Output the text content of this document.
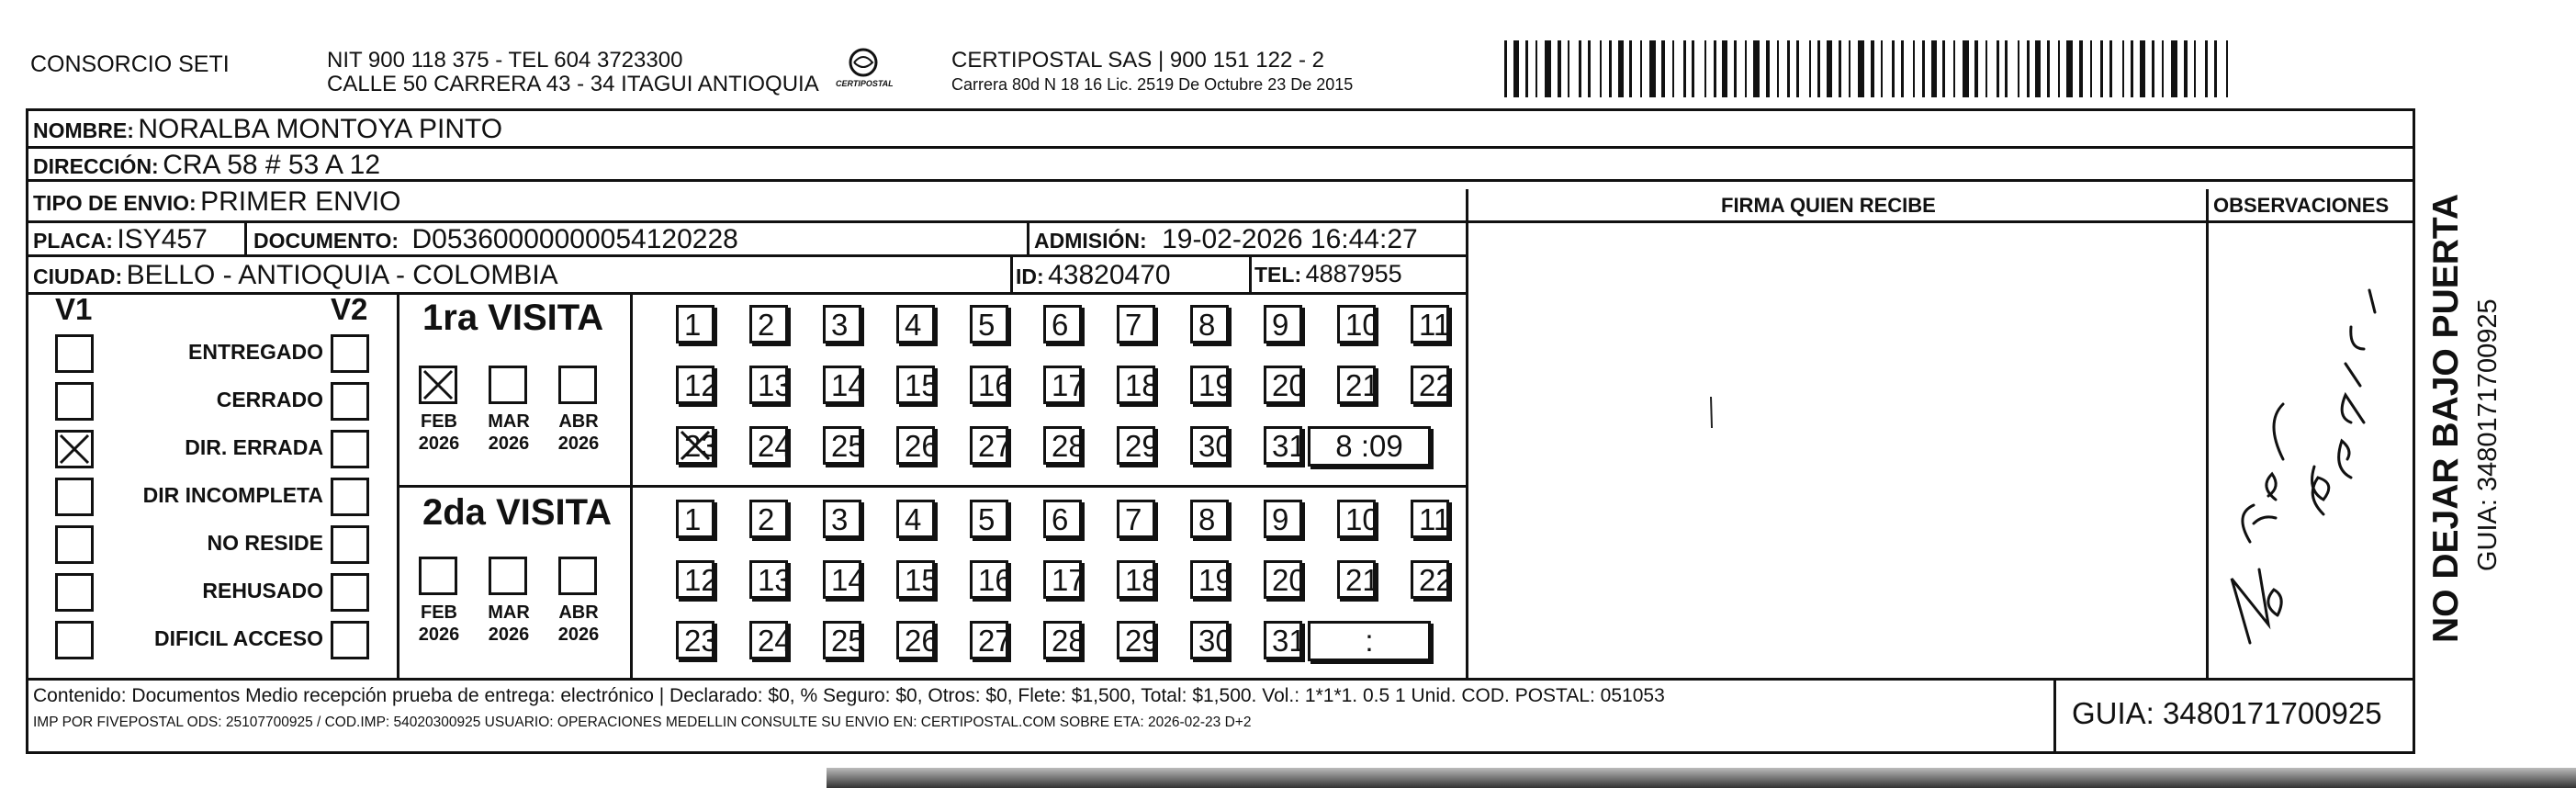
CONSORCIO SETI	NIT 900 118 375 - TEL 604 3723300
CALLE 50 CARRERA 43 - 34 ITAGUI ANTIOQUIA CERTIPOSTAL
CERTIPOSTAL SAS | 900 151 122 - 2
Carrera 80d N 18 16 Lic. 2519 De Octubre 23 De 2015
NOMBRE: NORALBA MONTOYA PINTO
DIRECCIÓN: CRA 58 # 53 A 12
TIPO DE ENVIO: PRIMER ENVIO	FIRMA QUIEN RECIBE	OBSERVACIONES
PLACA: ISY457 DOCUMENTO: D05360000000054120228	ADMISIÓN: 19-02-2026 16:44:27
CIUDAD: BELLO - ANTIOQUIA - COLOMBIA	ID: 43820470	TEL: 4887955
V1	V2
ENTREGADO
CERRADO
DIR. ERRADA
DIR INCOMPLETA
NO RESIDE
REHUSADO
DIFICIL ACCESO
1ra VISITA
2da VISITA
FEB
2026
MAR
2026
ABR
2026
FEB
2026
MAR
2026
ABR
2026
1	2	3	4	5	6	7	8	9	10 11
12 13 14 15 16 17 18 19 20 21 22
23 24 25 26 27 28 29 30 31 8 :09
1	2	3	4	5	6	7	8	9	10 11
12 13 14 15 16 17 18 19 20 21 22
23 24 25 26 27 28 29 30 31	:	NO DEJAR BAJO PUERTA GUIA: 3480171700925
Contenido: Documentos Medio recepción prueba de entrega: electrónico | Declarado: $0, % Seguro: $0, Otros: $0, Flete: $1,500, Total: $1,500. Vol.: 1*1*1. 0.5 1 Unid. COD. POSTAL: 051053
IMP POR FIVEPOSTAL ODS: 25107700925 / COD.IMP: 54020300925 USUARIO: OPERACIONES MEDELLIN CONSULTE SU ENVIO EN: CERTIPOSTAL.COM SOBRE ETA: 2026-02-23 D+2	GUIA: 3480171700925
